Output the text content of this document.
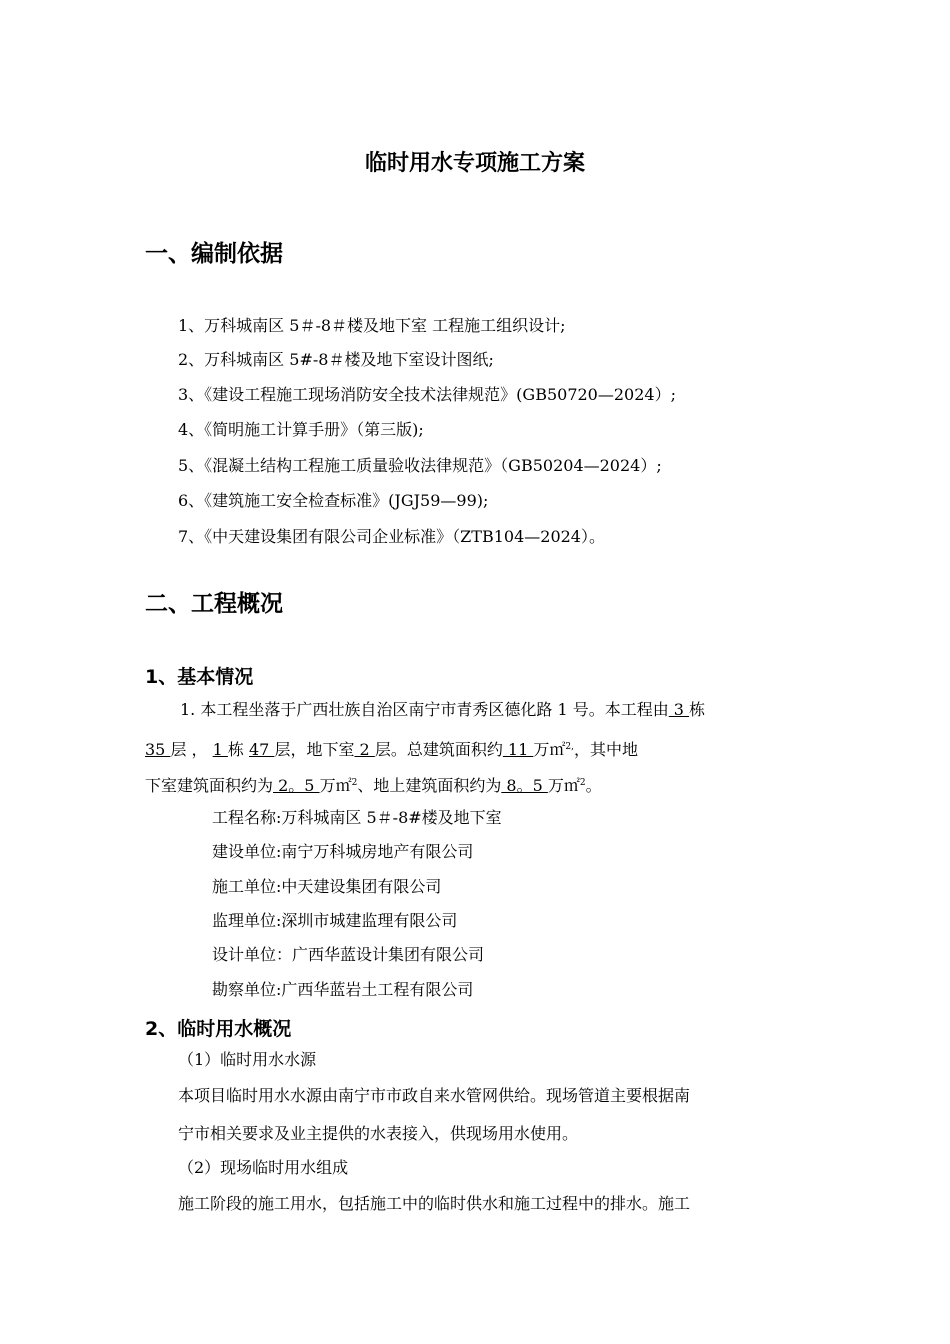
临时用水专项施工方案
一、编制依据
1、万科城南区 5＃-8＃楼及地下室 工程施工组织设计;
2、万科城南区 5#-8＃楼及地下室设计图纸;
3、《建设工程施工现场消防安全技术法律规范》(GB50720—2024）;
4、《简明施工计算手册》（第三版);
5、《混凝土结构工程施工质量验收法律规范》（GB50204—2024）;
6、《建筑施工安全检查标准》(JGJ59—99);
7、《中天建设集团有限公司企业标准》（ZTB104—2024）。
二、工程概况
1、基本情况
1. 本工程坐落于广西壮族自治区南宁市青秀区德化路 1 号。本工程由 3 栋
35 层 ， 1 栋 47 层，地下室 2 层。总建筑面积约 11 万㎡$^{2,}$，其中地
下室建筑面积约为 2。5 万㎡$^2$、地上建筑面积约为 8。5 万㎡$^2$。
工程名称:万科城南区 5＃-8#楼及地下室
建设单位:南宁万科城房地产有限公司
施工单位:中天建设集团有限公司
监理单位:深圳市城建监理有限公司
设计单位：广西华蓝设计集团有限公司
勘察单位:广西华蓝岩土工程有限公司
2、临时用水概况
（1）临时用水水源
本项目临时用水水源由南宁市市政自来水管网供给。现场管道主要根据南
宁市相关要求及业主提供的水表接入，供现场用水使用。
（2）现场临时用水组成
施工阶段的施工用水，包括施工中的临时供水和施工过程中的排水。施工
